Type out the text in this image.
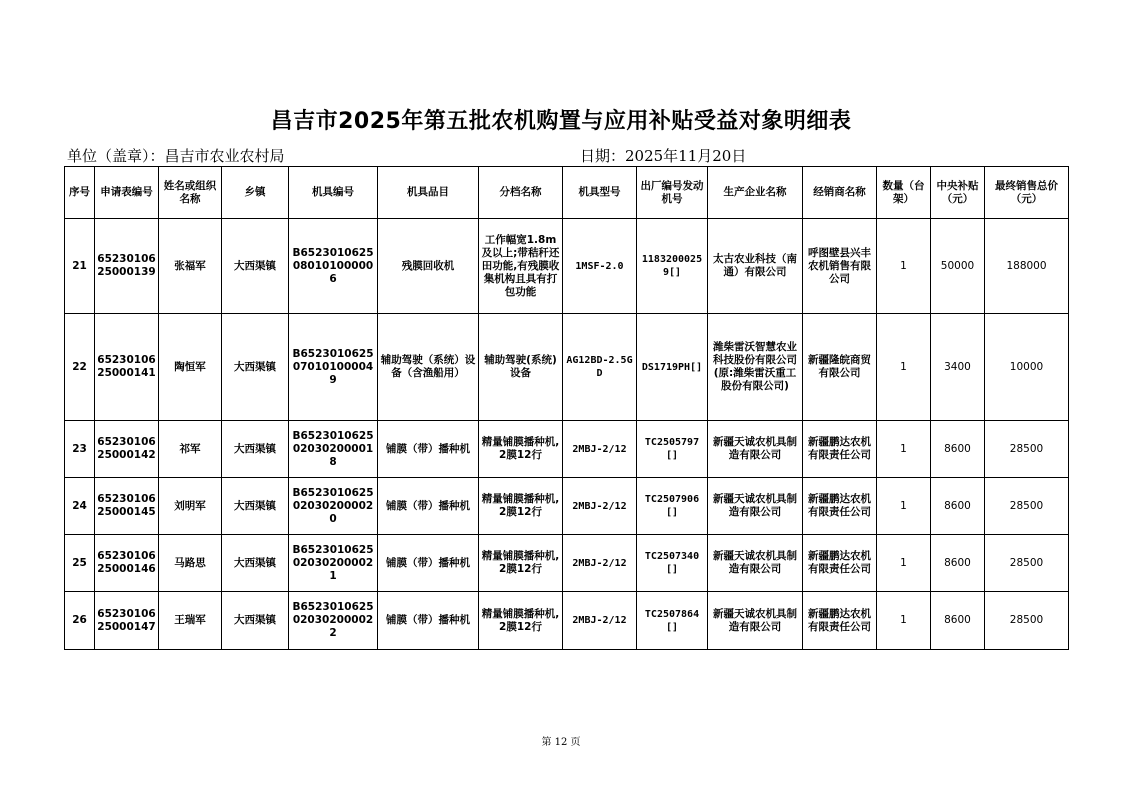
昌吉市2025年第五批农机购置与应用补贴受益对象明细表
单位（盖章）：昌吉市农业农村局	日期：2025年11月20日
序号	申请表编号	姓名或组织名称	乡镇	机具编号	机具品目	分档名称	机具型号	出厂编号发动机号	生产企业名称	经销商名称	数量（台架）	中央补贴（元）	最终销售总价（元）
21	6523010625000139	张福军	大西渠镇	B6523010625080101000006	残膜回收机	工作幅宽1.8m及以上;带秸秆还田功能,有残膜收集机构且具有打包功能	1MSF-2.0	11832000259[]	太古农业科技（南通）有限公司	呼图壁县兴丰农机销售有限公司	1	50000	188000
22	6523010625000141	陶恒军	大西渠镇	B6523010625070101000049	辅助驾驶（系统）设备（含渔船用）	辅助驾驶(系统)设备	AG12BD-2.5GD	DS1719PH[]	潍柴雷沃智慧农业科技股份有限公司(原:潍柴雷沃重工股份有限公司)	新疆隆皖商贸有限公司	1	3400	10000
23	6523010625000142	祁军	大西渠镇	B6523010625020302000018	铺膜（带）播种机	精量铺膜播种机,2膜12行	2MBJ-2/12	TC2505797[]	新疆天诚农机具制造有限公司	新疆鹏达农机有限责任公司	1	8600	28500
24	6523010625000145	刘明军	大西渠镇	B6523010625020302000020	铺膜（带）播种机	精量铺膜播种机,2膜12行	2MBJ-2/12	TC2507906[]	新疆天诚农机具制造有限公司	新疆鹏达农机有限责任公司	1	8600	28500
25	6523010625000146	马路思	大西渠镇	B6523010625020302000021	铺膜（带）播种机	精量铺膜播种机,2膜12行	2MBJ-2/12	TC2507340[]	新疆天诚农机具制造有限公司	新疆鹏达农机有限责任公司	1	8600	28500
26	6523010625000147	王瑞军	大西渠镇	B6523010625020302000022	铺膜（带）播种机	精量铺膜播种机,2膜12行	2MBJ-2/12	TC2507864[]	新疆天诚农机具制造有限公司	新疆鹏达农机有限责任公司	1	8600	28500
第 12 页
